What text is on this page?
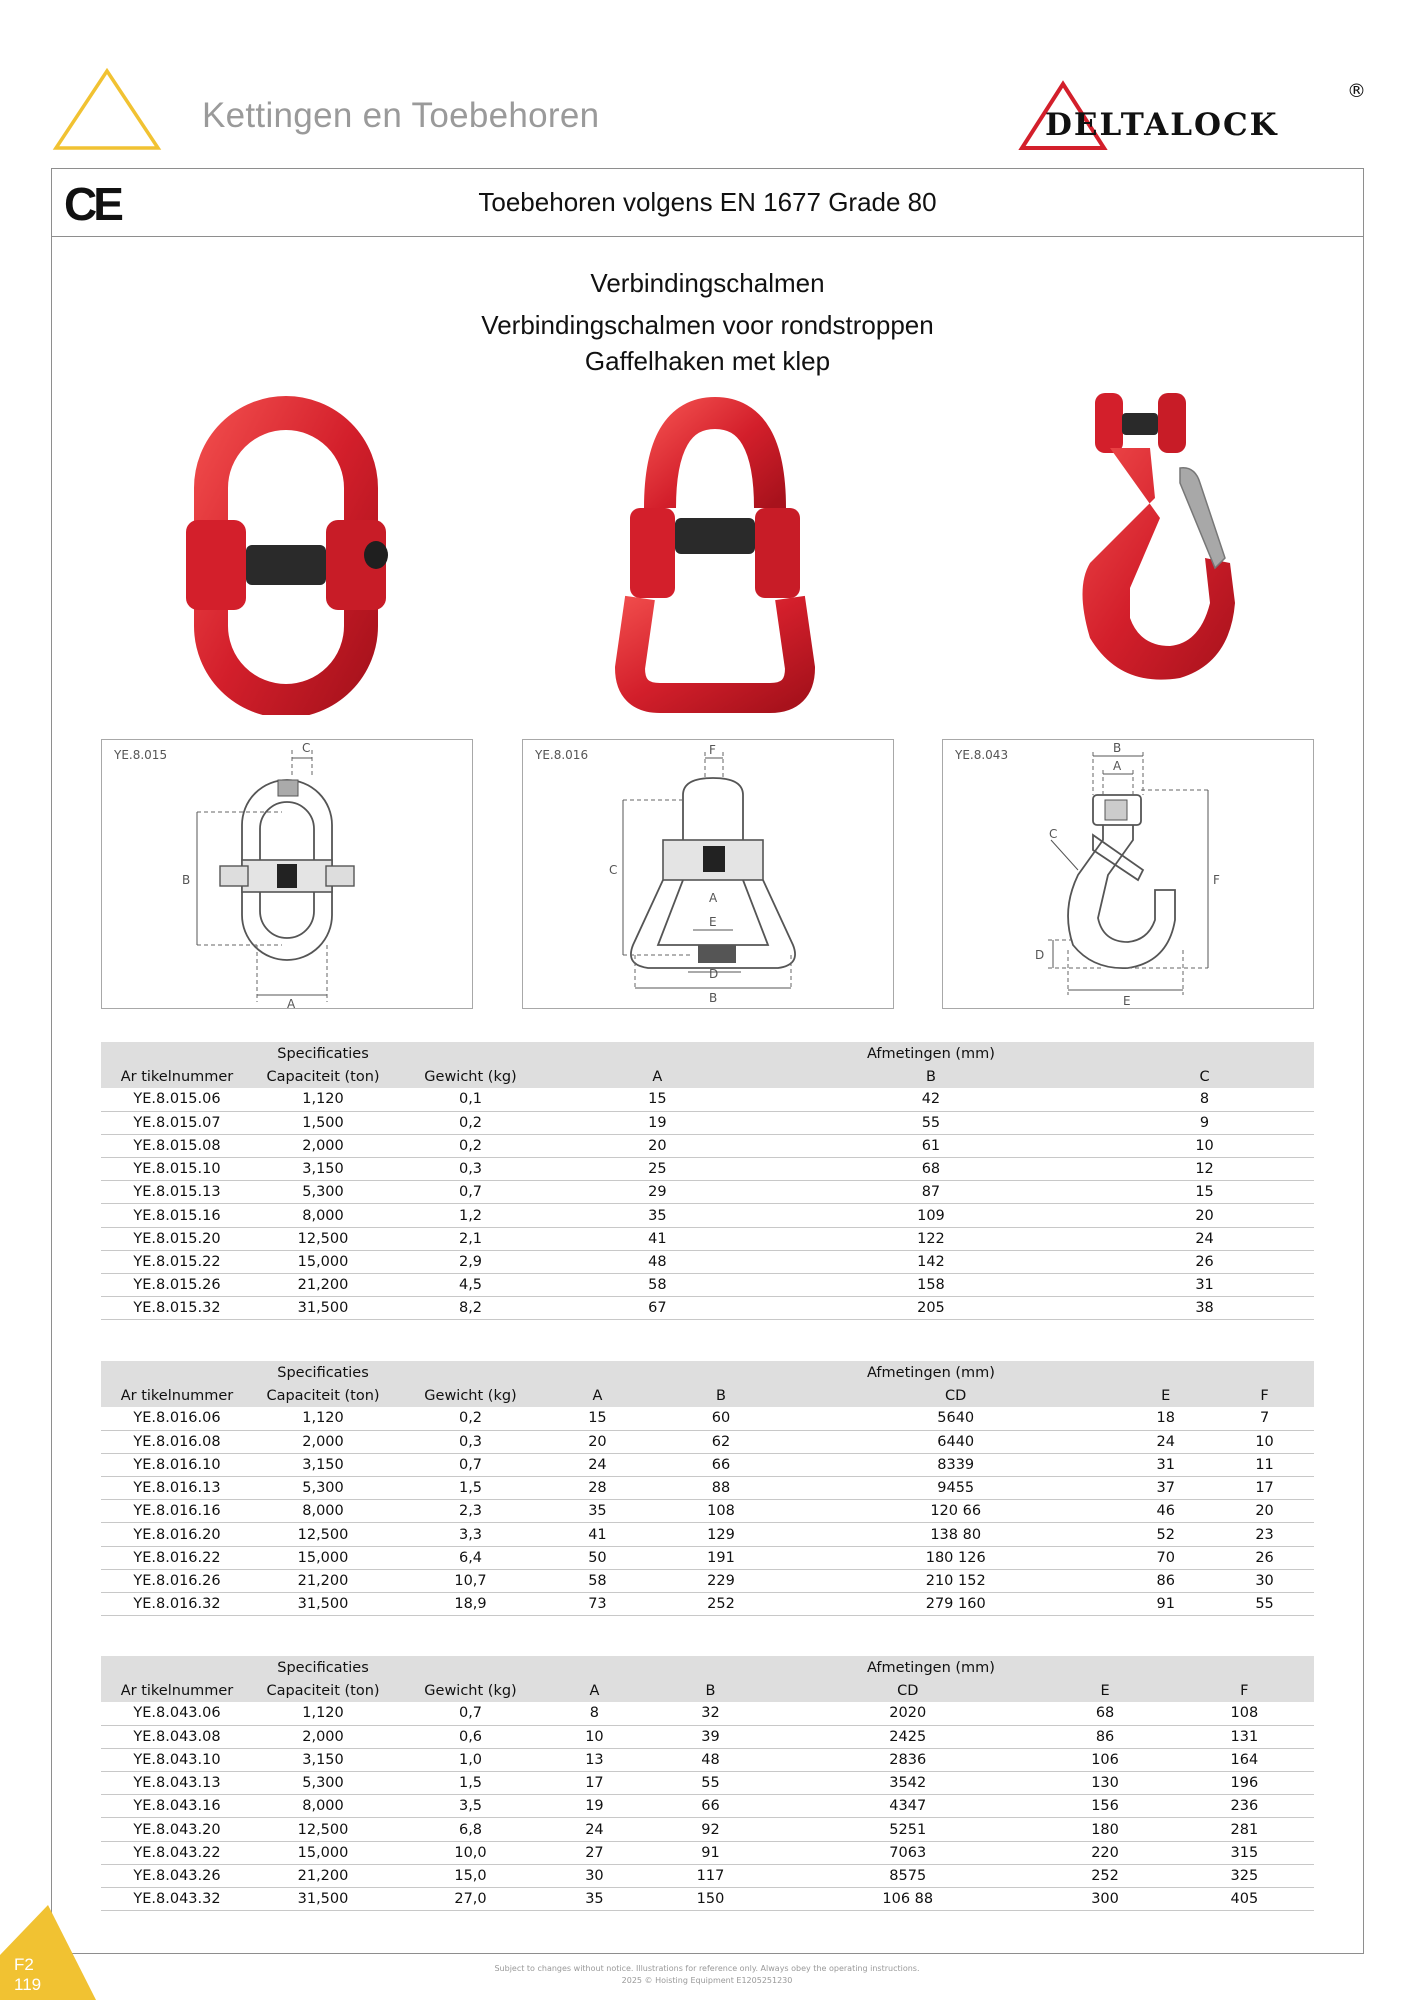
Kettingen en Toebehoren	DELTALOCK
®
CE	Toebehoren volgens EN 1677 Grade 80
Verbindingschalmen
Verbindingschalmen voor rondstroppen
Gaffelhaken met klep
YE.8.015
B
C
A
YE.8.016
C
F
A
E
D
B
YE.8.043	B
A
C
F
D
E
	Specificaties		Afmetingen (mm)		
Ar tikelnummer	Capaciteit (ton)	Gewicht (kg)	A	B	C
YE.8.015.06	1,120	0,1	15	42	8
YE.8.015.07	1,500	0,2	19	55	9
YE.8.015.08	2,000	0,2	20	61	10
YE.8.015.10	3,150	0,3	25	68	12
YE.8.015.13	5,300	0,7	29	87	15
YE.8.015.16	8,000	1,2	35	109	20
YE.8.015.20	12,500	2,1	41	122	24
YE.8.015.22	15,000	2,9	48	142	26
YE.8.015.26	21,200	4,5	58	158	31
YE.8.015.32	31,500	8,2	67	205	38
	Specificaties		Afmetingen (mm)				
Ar tikelnummer	Capaciteit (ton)	Gewicht (kg)	A	B	CD	E	F
YE.8.016.06	1,120	0,2	15	60	5640	18	7
YE.8.016.08	2,000	0,3	20	62	6440	24	10
YE.8.016.10	3,150	0,7	24	66	8339	31	11
YE.8.016.13	5,300	1,5	28	88	9455	37	17
YE.8.016.16	8,000	2,3	35	108	120 66	46	20
YE.8.016.20	12,500	3,3	41	129	138 80	52	23
YE.8.016.22	15,000	6,4	50	191	180 126	70	26
YE.8.016.26	21,200	10,7	58	229	210 152	86	30
YE.8.016.32	31,500	18,9	73	252	279 160	91	55
	Specificaties		Afmetingen (mm)				
Ar tikelnummer	Capaciteit (ton)	Gewicht (kg)	A	B	CD	E	F
YE.8.043.06	1,120	0,7	8	32	2020	68	108
YE.8.043.08	2,000	0,6	10	39	2425	86	131
YE.8.043.10	3,150	1,0	13	48	2836	106	164
YE.8.043.13	5,300	1,5	17	55	3542	130	196
YE.8.043.16	8,000	3,5	19	66	4347	156	236
YE.8.043.20	12,500	6,8	24	92	5251	180	281
YE.8.043.22	15,000	10,0	27	91	7063	220	315
YE.8.043.26	21,200	15,0	30	117	8575	252	325
YE.8.043.32	31,500	27,0	35	150	106 88	300	405
F2
119
Subject to changes without notice. Illustrations for reference only. Always obey the operating instructions.
2025 © Hoisting Equipment E1205251230
